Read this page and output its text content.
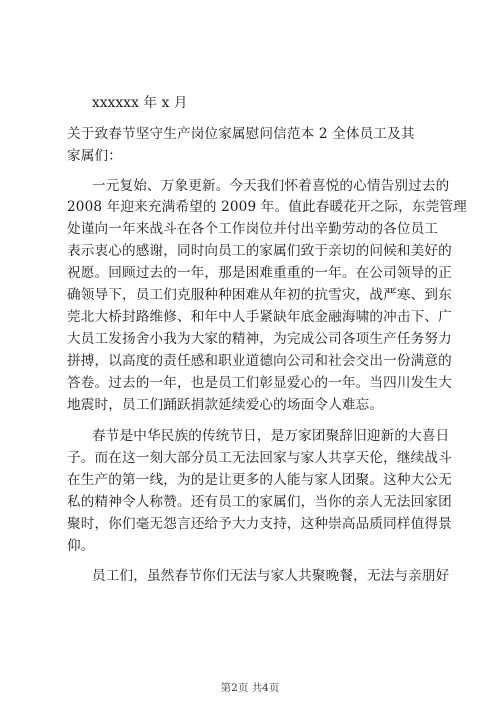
xxxxxx 年 x 月
关于致春节坚守生产岗位家属慰问信范本 2 全体员工及其
家属们：
一元复始、万象更新。今天我们怀着喜悦的心情告别过去的
2008 年迎来充满希望的 2009 年。值此春暖花开之际，东莞管理
处谨向一年来战斗在各个工作岗位并付出辛勤劳动的各位员工
表示衷心的感谢，同时向员工的家属们致于亲切的问候和美好的
祝愿。回顾过去的一年，那是困难重重的一年。在公司领导的正
确领导下，员工们克服种种困难从年初的抗雪灾，战严寒、到东
莞北大桥封路维修、和年中人手紧缺年底金融海啸的冲击下、广
大员工发扬舍小我为大家的精神，为完成公司各项生产任务努力
拼搏，以高度的责任感和职业道德向公司和社会交出一份满意的
答卷。过去的一年，也是员工们彰显爱心的一年。当四川发生大
地震时，员工们踊跃捐款延续爱心的场面令人难忘。
春节是中华民族的传统节日，是万家团聚辞旧迎新的大喜日
子。而在这一刻大部分员工无法回家与家人共享天伦，继续战斗
在生产的第一线，为的是让更多的人能与家人团聚。这种大公无
私的精神令人称赞。还有员工的家属们，当你的亲人无法回家团
聚时，你们毫无怨言还给予大力支持，这种崇高品质同样值得景
仰。
员工们，虽然春节你们无法与家人共聚晚餐，无法与亲朋好
第2页 共4页
